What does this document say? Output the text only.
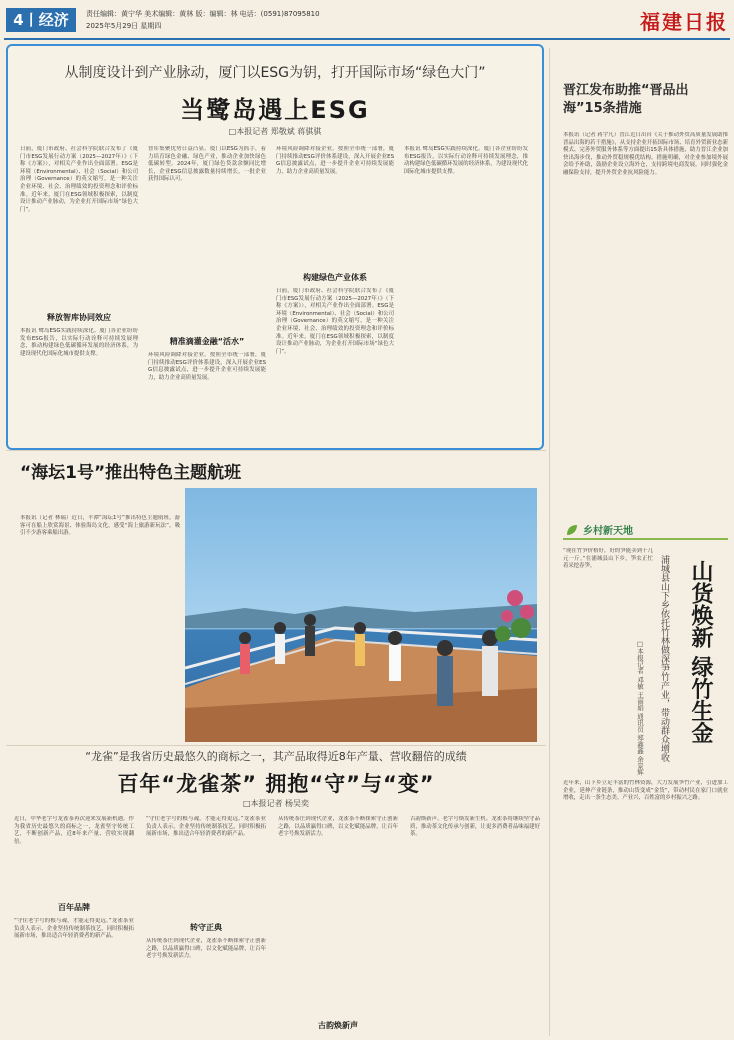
4丨经济	责任编辑：黄宁华 美术编辑：黄林 版：编辑：林 电话：(0591)87095810
2025年5月29日 星期四	福建日报
从制度设计到产业脉动，厦门以ESG为钥，打开国际市场“绿色大门”
当鹭岛遇上ESG
□本报记者 郑敬斌 蒋骐骐
日前，厦门市政府、社会科学院联合发布了《厦门市ESG发展行动方案（2025—2027年）》（下称《方案》），对相关产业作出全面部署。ESG是环境（Environmental）、社会（Social）和公司治理（Governance）的英文缩写，是一种关注企业环境、社会、治理绩效的投资理念和评价标准。近年来，厦门在ESG领域积极探索，以制度设计推动产业脉动，为企业打开国际市场“绿色大门”。
释放智库协同效应
本报讯 鹭岛ESG实践持续深化。厦门各企业纷纷发布ESG报告，以实际行动诠释可持续发展理念，推动构建绿色低碳循环发展的经济体系，为建设现代化国际化城市提供支撑。
智库集聚优势日益凸显。厦门以ESG为抓手，着力培育绿色金融、绿色产业，推动企业加快绿色低碳转型。2024年，厦门绿色贷款余额同比增长，企业ESG信息披露数量持续增长，一批企业获得国际认可。
精准滴灌金融“活水”
环境风险调降对接企业。按照全市统一部署，厦门持续推动ESG评价体系建设，深入开展企业ESG信息披露试点，进一步提升企业可持续发展能力，助力企业高质量发展。
环境风险调降对接企业。按照全市统一部署，厦门持续推动ESG评价体系建设，深入开展企业ESG信息披露试点，进一步提升企业可持续发展能力，助力企业高质量发展。
构建绿色产业体系
日前，厦门市政府、社会科学院联合发布了《厦门市ESG发展行动方案（2025—2027年）》（下称《方案》），对相关产业作出全面部署。ESG是环境（Environmental）、社会（Social）和公司治理（Governance）的英文缩写，是一种关注企业环境、社会、治理绩效的投资理念和评价标准。近年来，厦门在ESG领域积极探索，以制度设计推动产业脉动，为企业打开国际市场“绿色大门”。
本报讯 鹭岛ESG实践持续深化。厦门各企业纷纷发布ESG报告，以实际行动诠释可持续发展理念，推动构建绿色低碳循环发展的经济体系，为建设现代化国际化城市提供支撑。
晋江发布助推“晋品出海”15条措施
本报讯（记者 蒋宇凡）晋江近日出台《关于推动外贸高质量发展助推晋品出海的若干措施》，从支持企业开拓国际市场、培育外贸新业态新模式、完善外贸服务体系等方面提出15条具体措施，助力晋江企业加快出海步伐，推动外贸稳规模优结构。措施明确，对企业参加境外展会给予补助，鼓励企业设立海外仓，支持跨境电商发展，同时强化金融保险支持，提升外贸企业抗风险能力。
乡村新天地
浦城县山下乡依托竹林做深笋竹产业，带动群众增收 山货焕新 绿竹生金
□本报记者 邓敏 王丽娟 通讯员 郑鑫鑫 余景辉
“现在竹笋价格好，好的笋能卖到十几元一斤。”在浦城县山下乡，笋农正忙着采挖春笋。
近年来，山下乡立足丰富的竹林资源，大力发展笋竹产业，引进加工企业，延伸产业链条，推动山货变成“金货”，带动村民在家门口就业增收，走出一条生态美、产业兴、百姓富的乡村振兴之路。
“海坛1号”推出特色主题航班
本报讯（记者 林瑞）近日，平潭“海坛1号”推出特色主题航班，游客可在船上欣赏海景、体验海岛文化，感受“海上旅游新玩法”，吸引不少游客乘船出游。
“龙雀”是我省历史最悠久的商标之一，其产品取得近8年产量、营收翻倍的成绩
百年“龙雀茶” 拥抱“守”与“变”
□本报记者 杨吴奕
近日，中华老字号龙雀茶再次迎来发展新机遇。作为我省历史最悠久的商标之一，龙雀坚守传统工艺，不断创新产品，近8年来产量、营收实现翻倍。
百年品牌
“守住老字号的根与魂，才能走得更远。”龙雀茶业负责人表示，企业坚持传统制茶技艺，同时积极拓展新市场，推出适合年轻消费者的新产品。
“守住老字号的根与魂，才能走得更远。”龙雀茶业负责人表示，企业坚持传统制茶技艺，同时积极拓展新市场，推出适合年轻消费者的新产品。
转守正典
从传统茶庄到现代企业，龙雀茶不断探索守正创新之路，以品质赢得口碑，以文化赋能品牌，让百年老字号焕发新活力。
从传统茶庄到现代企业，龙雀茶不断探索守正创新之路，以品质赢得口碑，以文化赋能品牌，让百年老字号焕发新活力。
古韵焕新声
古韵焕新声，老字号焕发新生机。龙雀茶将继续坚守品质，推动茶文化传承与创新，让更多消费者品味福建好茶。
